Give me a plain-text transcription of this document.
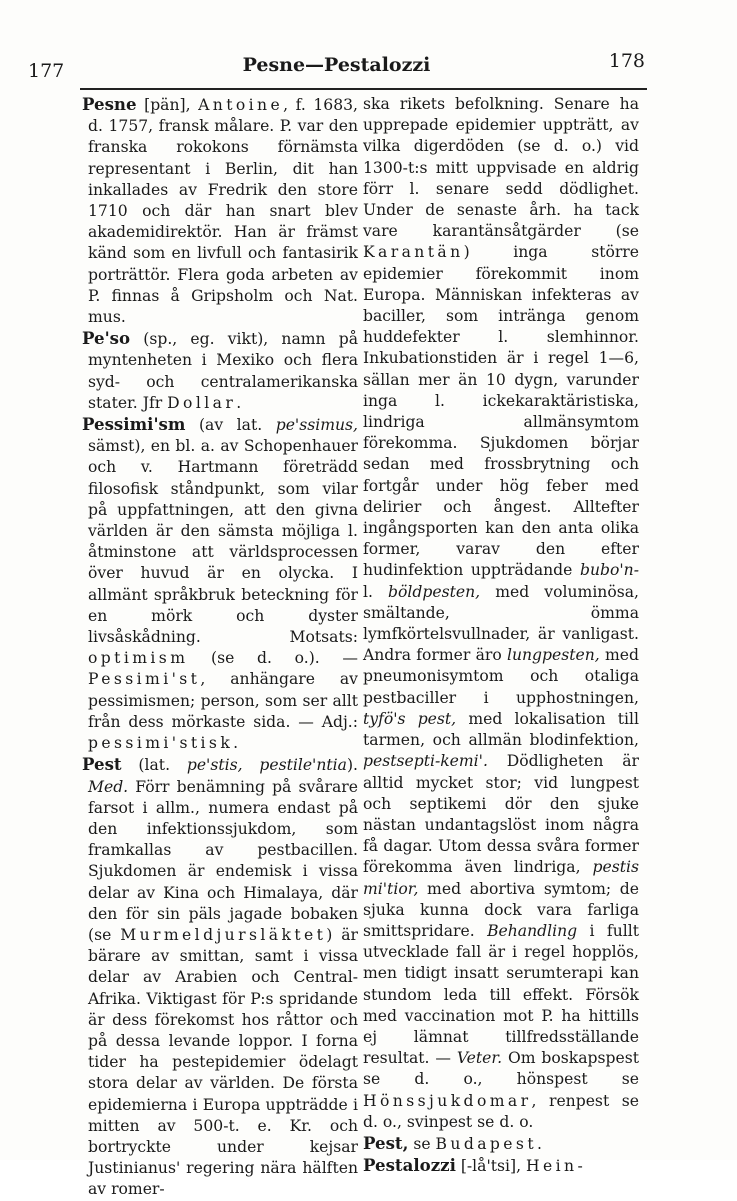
177	Pesne—Pestalozzi	178

Pesne [pän], Antoine, f. 1683, d. 1757, fransk målare. P. var den franska rokokons förnämsta representant i Berlin, dit han inkallades av Fredrik den store 1710 och där han snart blev akademidirektör. Han är främst känd som en livfull och fantasirik porträttör. Flera goda arbeten av P. finnas å Gripsholm och Nat. mus.

Pe'so (sp., eg. vikt), namn på myntenheten i Mexiko och flera syd- och centralamerikanska stater. Jfr Dollar.

Pessimi'sm (av lat. pe'ssimus, sämst), en bl. a. av Schopenhauer och v. Hartmann företrädd filosofisk ståndpunkt, som vilar på uppfattningen, att den givna världen är den sämsta möjliga l. åtminstone att världsprocessen över huvud är en olycka. I allmänt språkbruk beteckning för en mörk och dyster livsåskådning. Motsats: optimism (se d. o.). — Pessimi'st, anhängare av pessimismen; person, som ser allt från dess mörkaste sida. — Adj.: pessimi'stisk.

Pest (lat. pe'stis, pestile'ntia). Med. Förr benämning på svårare farsot i allm., numera endast på den infektionssjukdom, som framkallas av pestbacillen. Sjukdomen är endemisk i vissa delar av Kina och Himalaya, där den för sin päls jagade bobaken (se Murmeldjursläktet) är bärare av smittan, samt i vissa delar av Arabien och Central-Afrika. Viktigast för P:s spridande är dess förekomst hos råttor och på dessa levande loppor. I forna tider ha pestepidemier ödelagt stora delar av världen. De första epidemierna i Europa uppträdde i mitten av 500-t. e. Kr. och bortryckte under kejsar Justinianus' regering nära hälften av romer-

ska rikets befolkning. Senare ha upprepade epidemier uppträtt, av vilka digerdöden (se d. o.) vid 1300-t:s mitt uppvisade en aldrig förr l. senare sedd dödlighet. Under de senaste årh. ha tack vare karantänsåtgärder (se Karantän) inga större epidemier förekommit inom Europa. Människan infekteras av baciller, som intränga genom huddefekter l. slemhinnor. Inkubationstiden är i regel 1—6, sällan mer än 10 dygn, varunder inga l. ickekaraktäristiska, lindriga allmänsymtom förekomma. Sjukdomen börjar sedan med frossbrytning och fortgår under hög feber med delirier och ångest. Alltefter ingångsporten kan den anta olika former, varav den efter hudinfektion uppträdande bubo'n- l. böldpesten, med voluminösa, smältande, ömma lymfkörtelsvullnader, är vanligast. Andra former äro lungpesten, med pneumonisymtom och otaliga pestbaciller i upphostningen, tyfö's pest, med lokalisation till tarmen, och allmän blodinfektion, pestsepti-kemi'. Dödligheten är alltid mycket stor; vid lungpest och septikemi dör den sjuke nästan undantagslöst inom några få dagar. Utom dessa svåra former förekomma även lindriga, pestis mi'tior, med abortiva symtom; de sjuka kunna dock vara farliga smittspridare. Behandling i fullt utvecklade fall är i regel hopplös, men tidigt insatt serumterapi kan stundom leda till effekt. Försök med vaccination mot P. ha hittills ej lämnat tillfredsställande resultat. — Veter. Om boskapspest se d. o., hönspest se Hönssjukdomar, renpest se d. o., svinpest se d. o.

Pest, se Budapest.

Pestalozzi [-lå'tsi], Hein-
